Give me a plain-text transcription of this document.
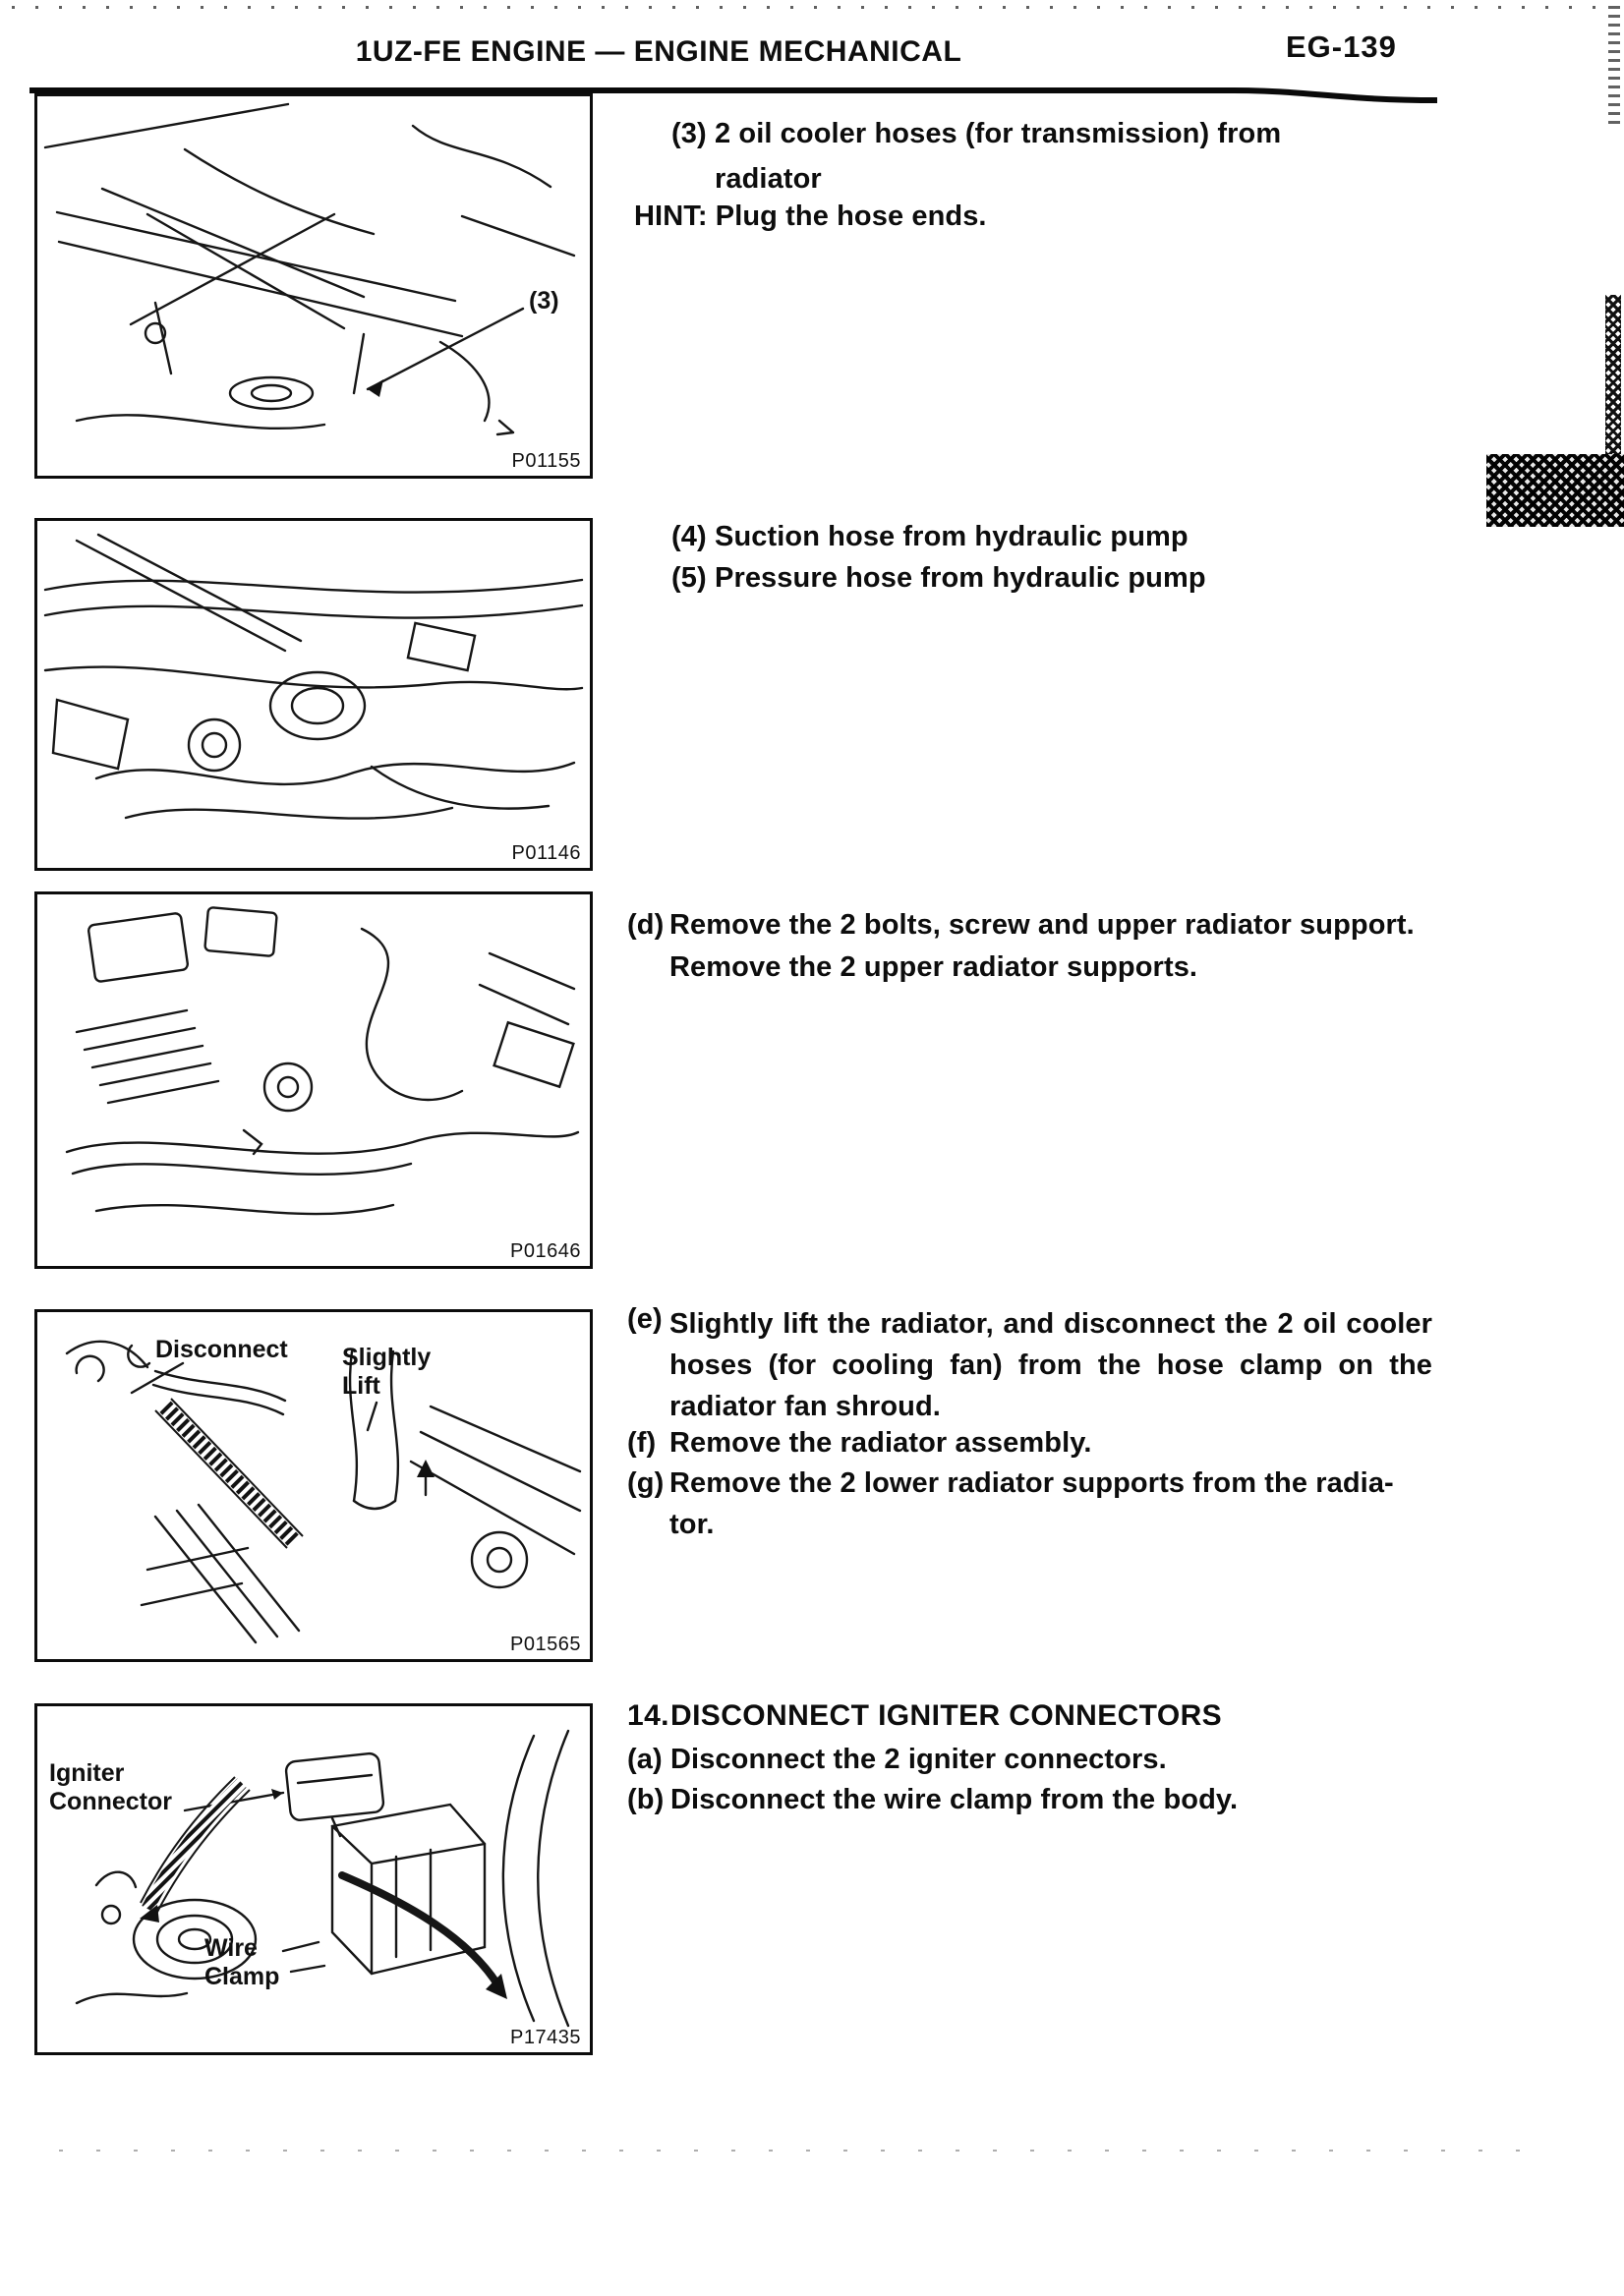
1UZ-FE ENGINE — ENGINE MECHANICAL	EG-139
(3)
P01155
P01146
P01646
Disconnect Slightly Lift
P01565
Igniter Connector
Wire Clamp
P17435
(3) 2 oil cooler hoses (for transmission) from
radiator
HINT: Plug the hose ends.
(4) Suction hose from hydraulic pump
(5) Pressure hose from hydraulic pump
(d) Remove the 2 bolts, screw and upper radiator support.
Remove the 2 upper radiator supports.
(e) Slightly lift the radiator, and disconnect the 2 oil cooler hoses (for cooling fan) from the hose clamp on the radiator fan shroud.
(f) Remove the radiator assembly.
(g) Remove the 2 lower radiator supports from the radia-
tor.
14. DISCONNECT IGNITER CONNECTORS
(a) Disconnect the 2 igniter connectors.
(b) Disconnect the wire clamp from the body.
